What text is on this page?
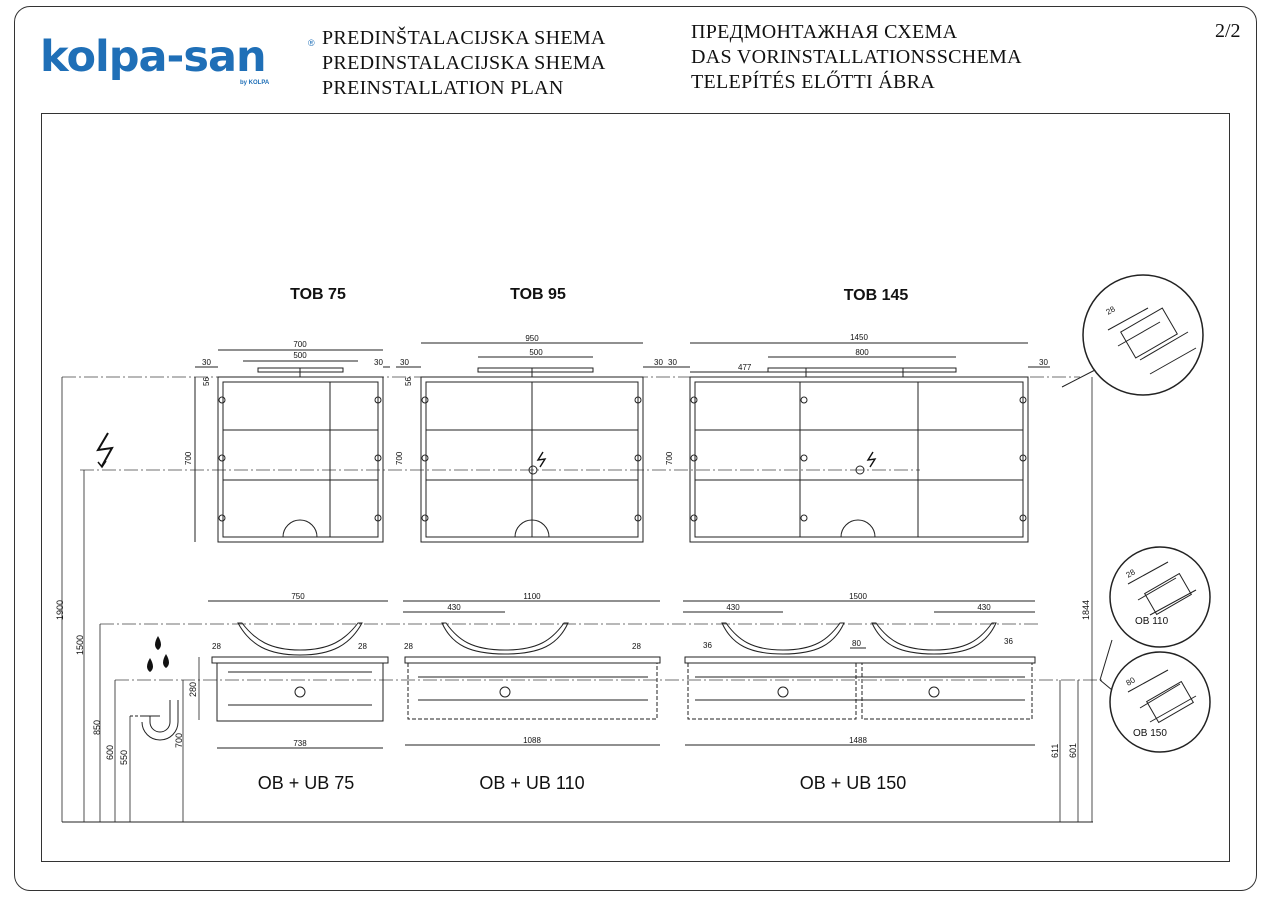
kolpa-san
by KOLPA
® PREDINŠTALACIJSKA SHEMA
PREDINSTALACIJSKA SHEMA
PREINSTALLATION PLAN
ПРЕДМОНТАЖНАЯ СХЕМА
DAS VORINSTALLATIONSSCHEMA
TELEPÍTÉS ELŐTTI ÁBRA
2/2
TOB 75	TOB 95	TOB 145
700
500
30	30
56
700
950
500
30	30
56
1450
800
30	30
477
700
700
750
738
28	28
1100
430
1088
28	28
1500
430	430
1488
36	36
80
OB + UB 75	OB + UB 110	OB + UB 150
1900
1500
850
600 550
700
280
1844
611 601
28
28
OB 110
80
OB 150
